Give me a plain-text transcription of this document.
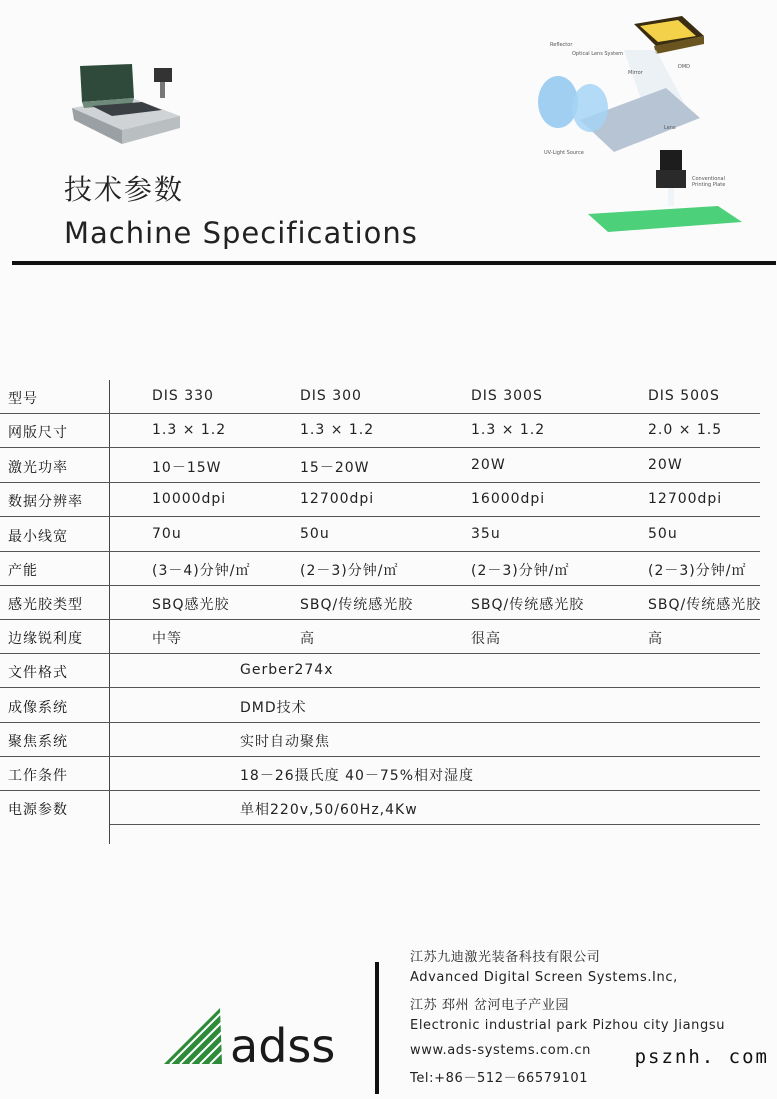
Reflector
Optical Lens System
DMD
Mirror
Lens
UV-Light Source
Conventional
Printing Plate
技术参数
Machine Specifications
型号	DIS 330	DIS 300	DIS 300S	DIS 500S
网版尺寸	1.3 × 1.2	1.3 × 1.2	1.3 × 1.2	2.0 × 1.5
激光功率	10－15W	15－20W	20W	20W
数据分辨率	10000dpi	12700dpi	16000dpi	12700dpi
最小线宽	70u	50u	35u	50u
产能	(3－4)分钟/㎡	(2－3)分钟/㎡	(2－3)分钟/㎡	(2－3)分钟/㎡
感光胶类型	SBQ感光胶	SBQ/传统感光胶	SBQ/传统感光胶	SBQ/传统感光胶
边缘锐利度	中等	高	很高	高
文件格式	Gerber274x
成像系统	DMD技术
聚焦系统	实时自动聚焦
工作条件	18－26摄氏度 40－75%相对湿度
电源参数	单相220v,50/60Hz,4Kw
adss
江苏九迪激光装备科技有限公司
Advanced Digital Screen Systems.Inc,
江苏 邳州 岔河电子产业园
Electronic industrial park Pizhou city Jiangsu
www.ads-systems.com.cn
Tel:+86－512－66579101
psznh. com
